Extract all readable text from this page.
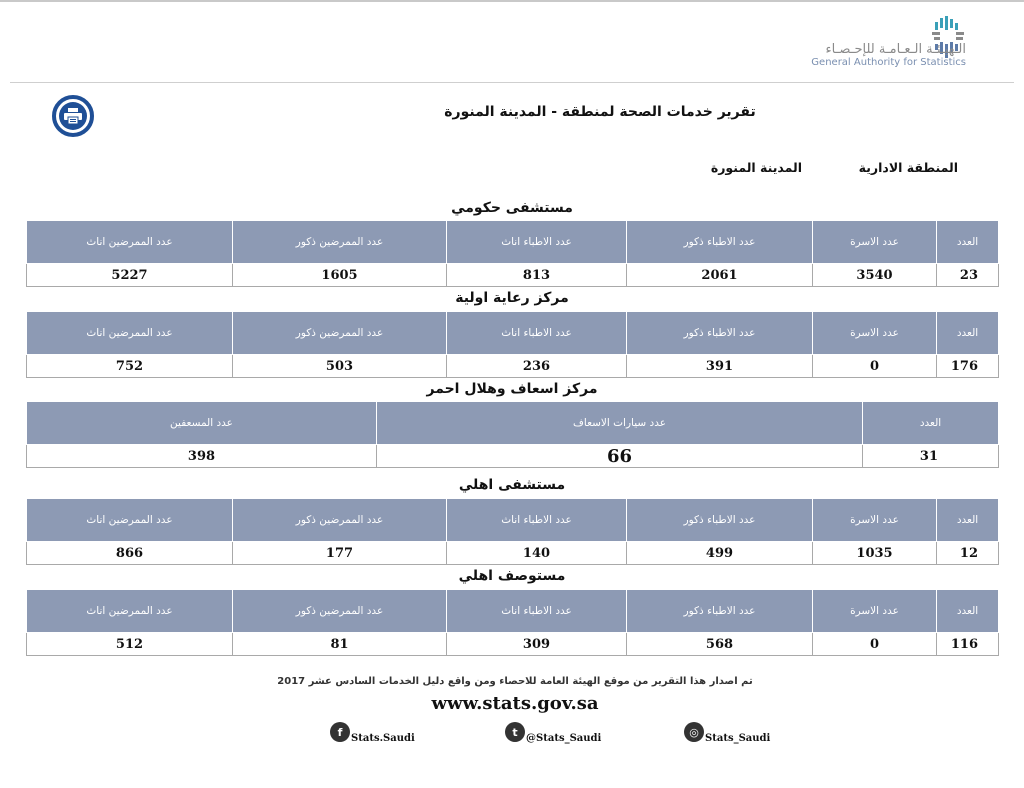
الـهيـئـة الـعـامـة للإحـصـاء
General Authority for Statistics
تقرير خدمات الصحة لمنطقة - المدينة المنورة
المنطقة الادارية
المدينة المنورة
مستشفى حكومي
العدد	عدد الاسرة	عدد الاطباء ذكور	عدد الاطباء اناث	عدد الممرضين ذكور	عدد الممرضين اناث
23	3540	2061	813	1605	5227
مركز رعاية اولية
العدد	عدد الاسرة	عدد الاطباء ذكور	عدد الاطباء اناث	عدد الممرضين ذكور	عدد الممرضين اناث
176	0	391	236	503	752
مركز اسعاف وهلال احمر
العدد	عدد سيارات الاسعاف	عدد المسعفين
31	66	398
مستشفى اهلي
العدد	عدد الاسرة	عدد الاطباء ذكور	عدد الاطباء اناث	عدد الممرضين ذكور	عدد الممرضين اناث
12	1035	499	140	177	866
مستوصف اهلي
العدد	عدد الاسرة	عدد الاطباء ذكور	عدد الاطباء اناث	عدد الممرضين ذكور	عدد الممرضين اناث
116	0	568	309	81	512
تم اصدار هذا التقرير من موقع الهيئة العامة للاحصاء ومن واقع دليل الخدمات السادس عشر 2017
www.stats.gov.sa
f Stats.Saudi	t @Stats_Saudi	◎ Stats_Saudi
